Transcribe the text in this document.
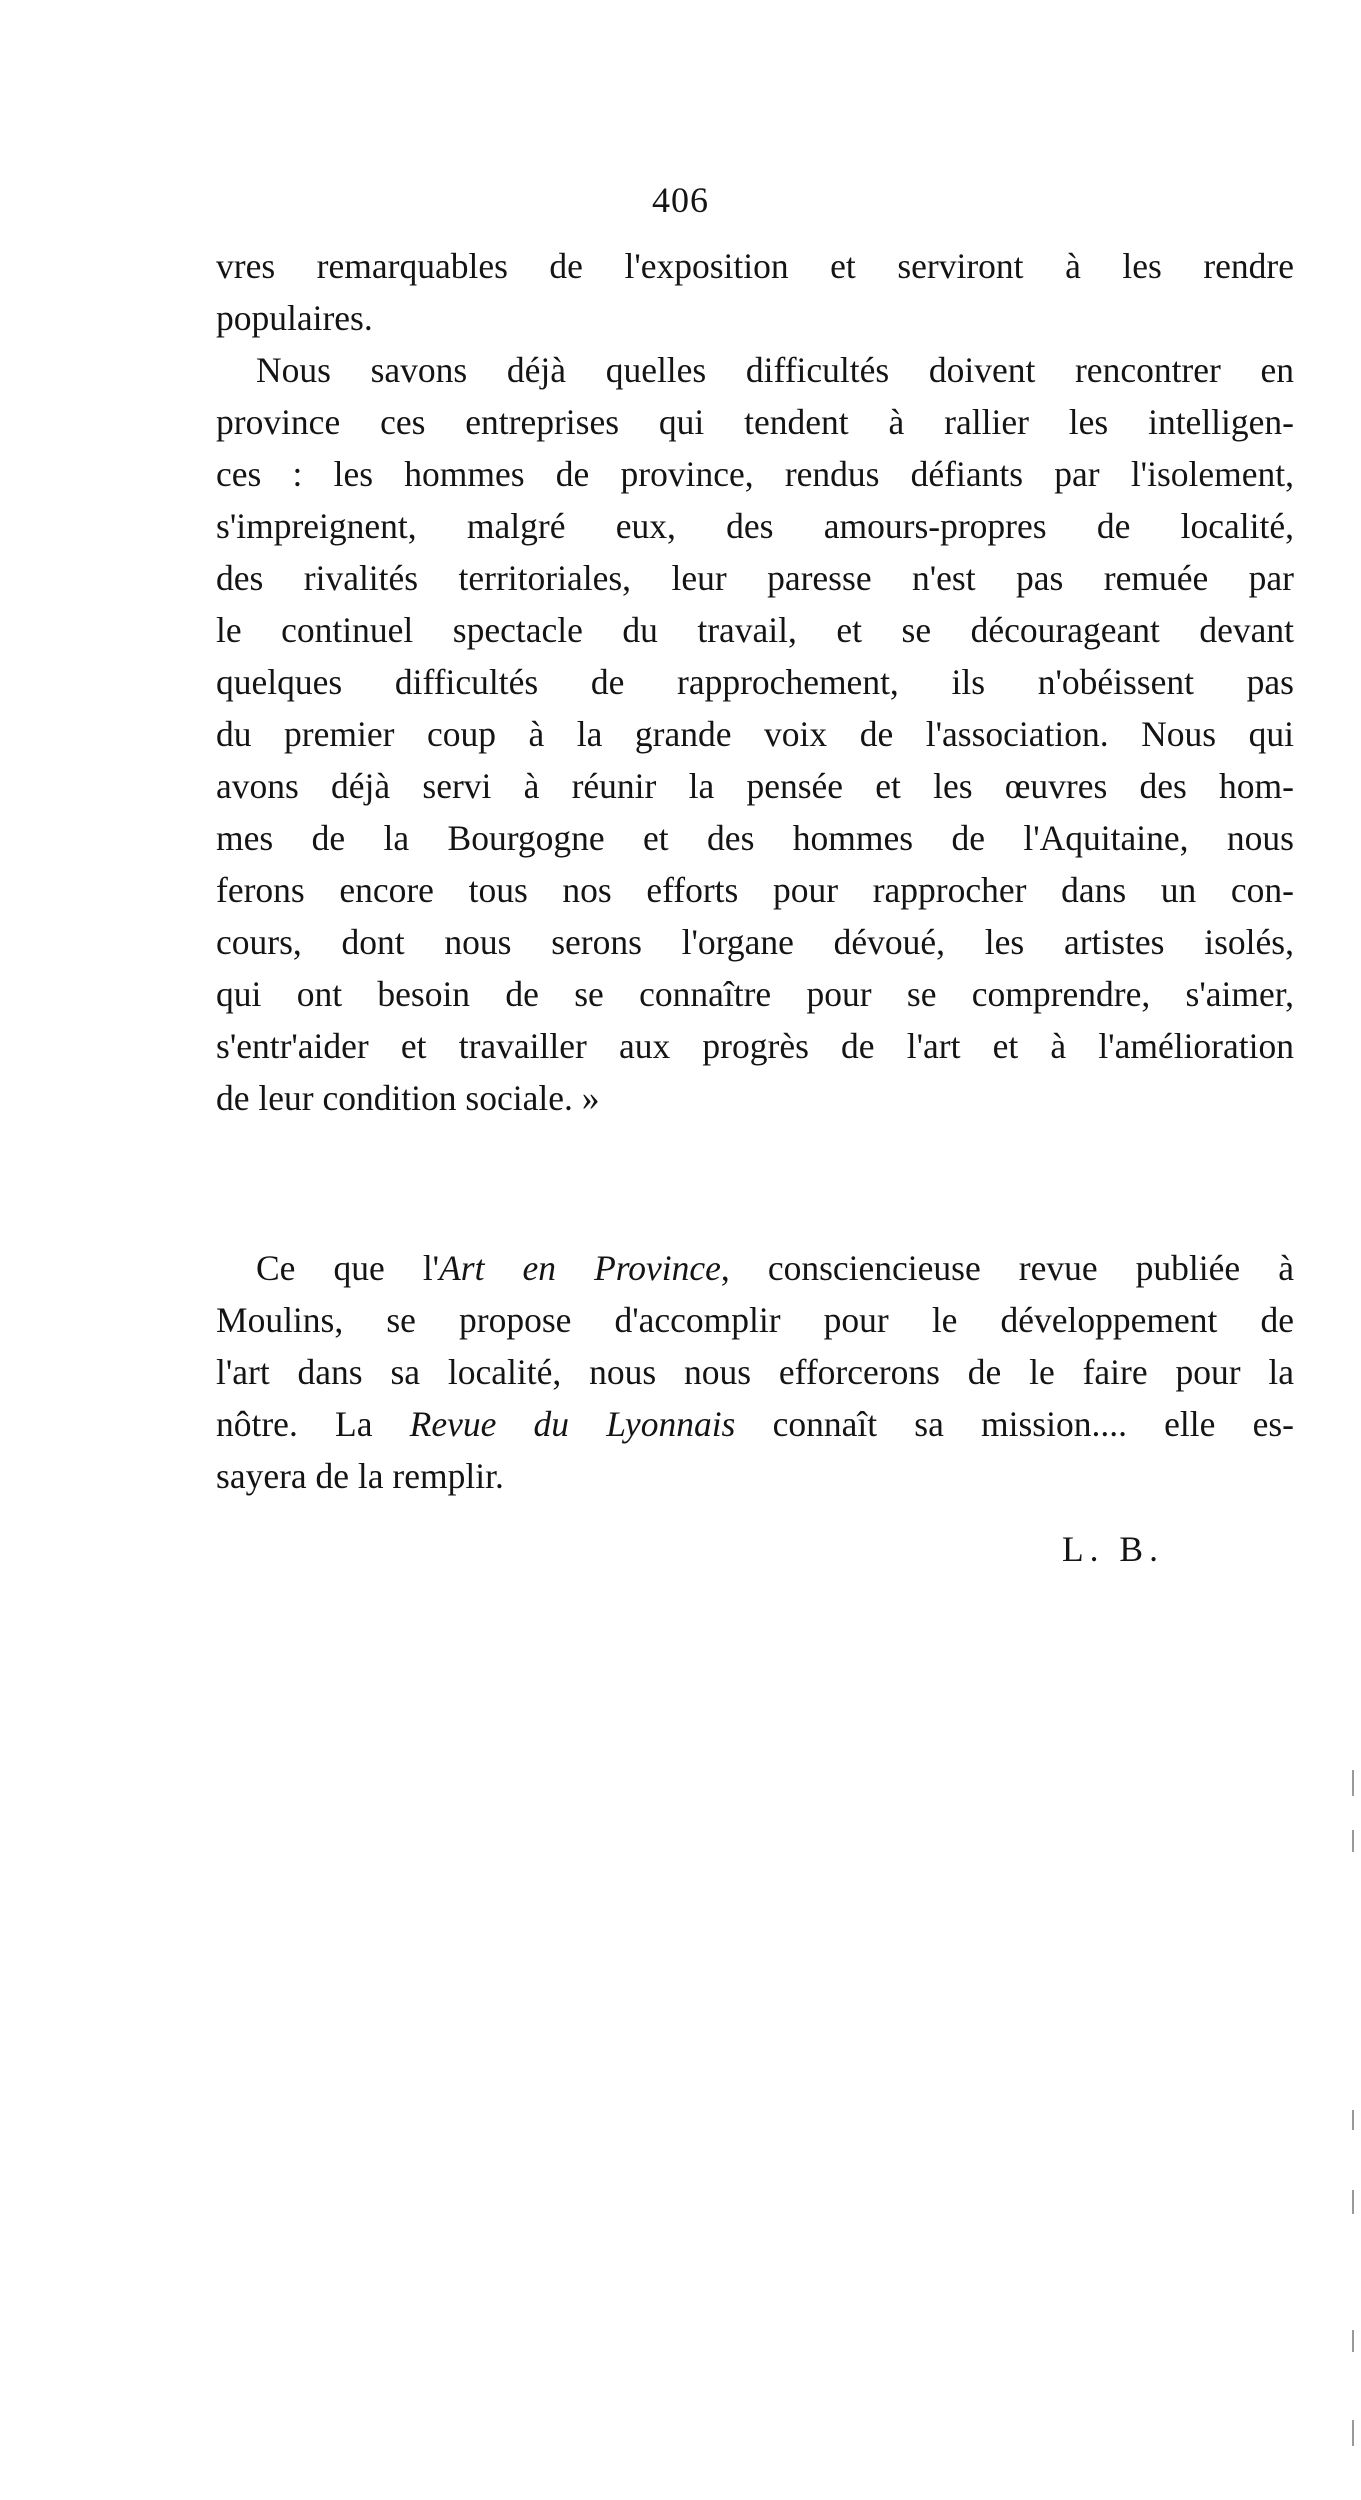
406
vres remarquables de l'exposition et serviront à les rendre
populaires.
Nous savons déjà quelles difficultés doivent rencontrer en
province ces entreprises qui tendent à rallier les intelligen-
ces : les hommes de province, rendus défiants par l'isolement,
s'impreignent, malgré eux, des amours-propres de localité,
des rivalités territoriales, leur paresse n'est pas remuée par
le continuel spectacle du travail, et se décourageant devant
quelques difficultés de rapprochement, ils n'obéissent pas
du premier coup à la grande voix de l'association. Nous qui
avons déjà servi à réunir la pensée et les œuvres des hom-
mes de la Bourgogne et des hommes de l'Aquitaine, nous
ferons encore tous nos efforts pour rapprocher dans un con-
cours, dont nous serons l'organe dévoué, les artistes isolés,
qui ont besoin de se connaître pour se comprendre, s'aimer,
s'entr'aider et travailler aux progrès de l'art et à l'amélioration
de leur condition sociale. »
Ce que l'Art en Province, consciencieuse revue publiée à
Moulins, se propose d'accomplir pour le développement de
l'art dans sa localité, nous nous efforcerons de le faire pour la
nôtre. La Revue du Lyonnais connaît sa mission.... elle es-
sayera de la remplir.
L. B.
